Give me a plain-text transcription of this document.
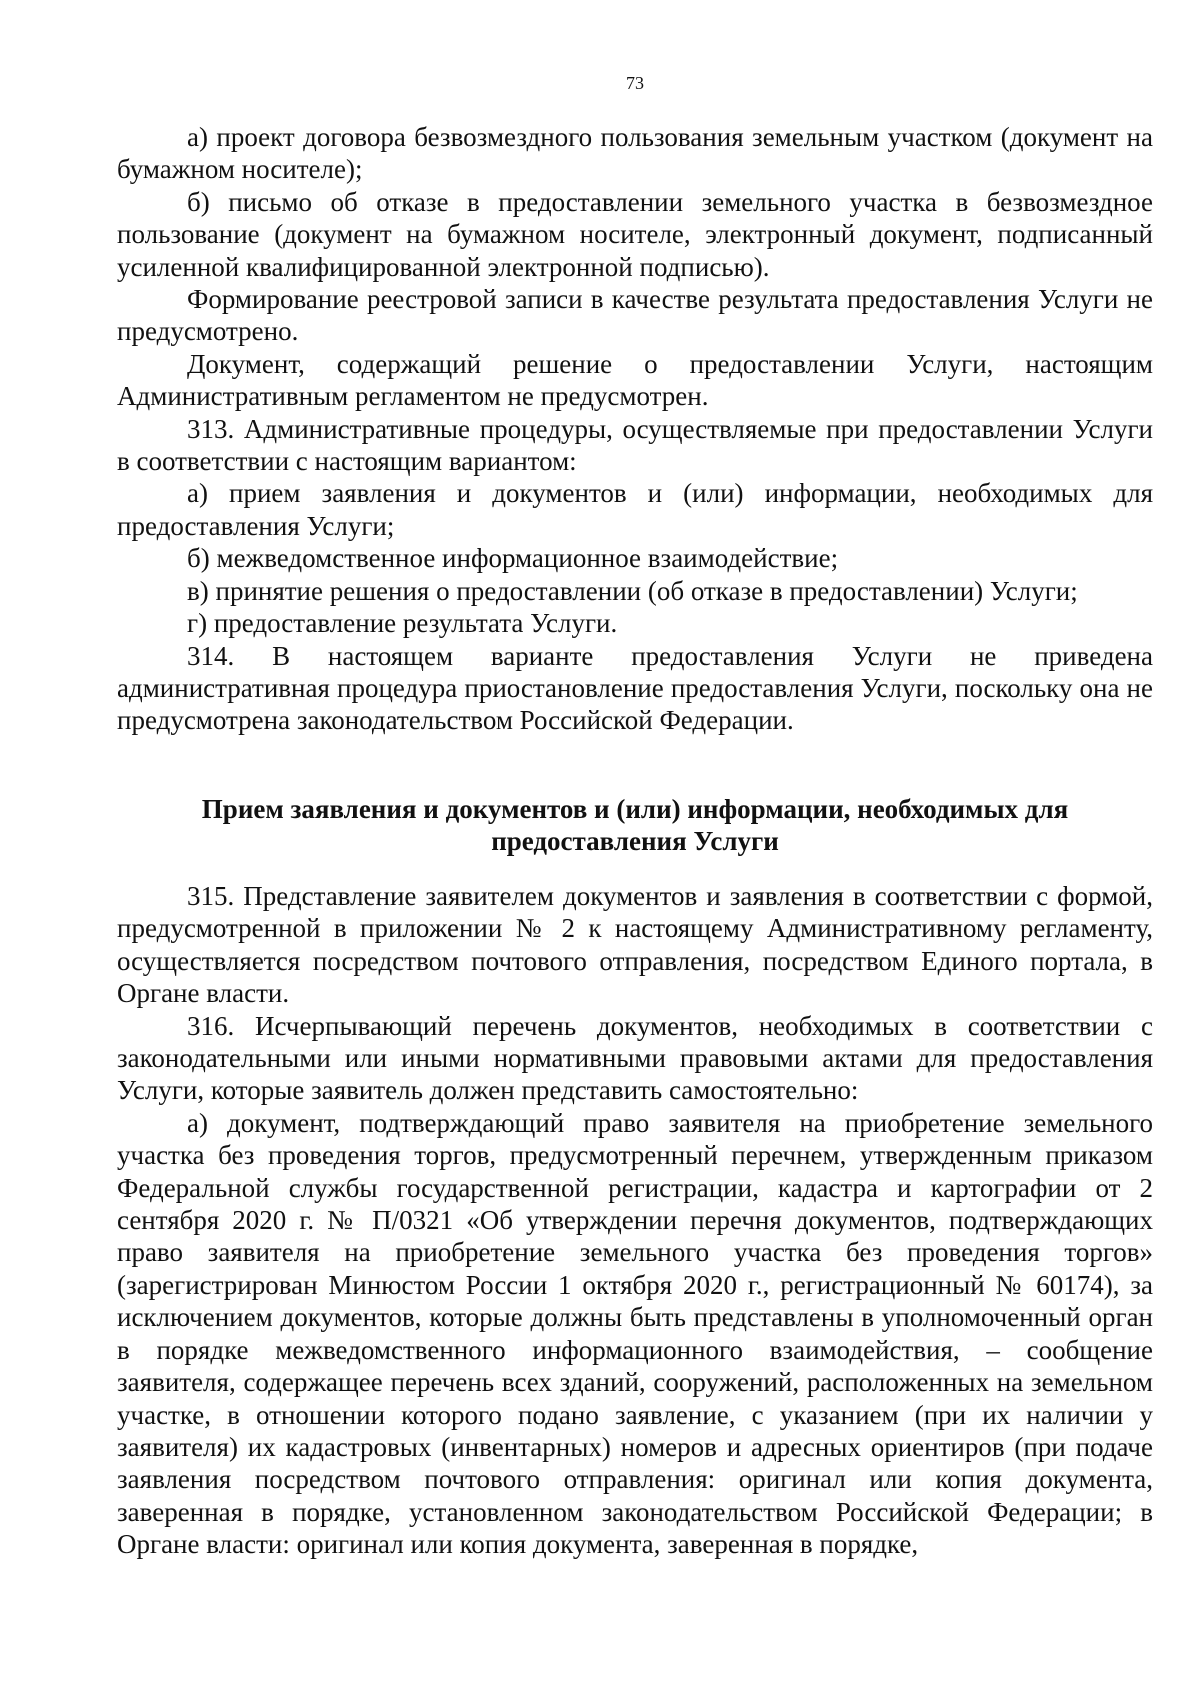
73

а) проект договора безвозмездного пользования земельным участком (документ на бумажном носителе);

б) письмо об отказе в предоставлении земельного участка в безвозмездное пользование (документ на бумажном носителе, электронный документ, подписанный усиленной квалифицированной электронной подписью).

Формирование реестровой записи в качестве результата предоставления Услуги не предусмотрено.

Документ, содержащий решение о предоставлении Услуги, настоящим Административным регламентом не предусмотрен.

313. Административные процедуры, осуществляемые при предоставлении Услуги в соответствии с настоящим вариантом:

а) прием заявления и документов и (или) информации, необходимых для предоставления Услуги;

б) межведомственное информационное взаимодействие;

в) принятие решения о предоставлении (об отказе в предоставлении) Услуги;

г) предоставление результата Услуги.

314. В настоящем варианте предоставления Услуги не приведена административная процедура приостановление предоставления Услуги, поскольку она не предусмотрена законодательством Российской Федерации.

Прием заявления и документов и (или) информации, необходимых для предоставления Услуги

315. Представление заявителем документов и заявления в соответствии с формой, предусмотренной в приложении № 2 к настоящему Административному регламенту, осуществляется посредством почтового отправления, посредством Единого портала, в Органе власти.

316. Исчерпывающий перечень документов, необходимых в соответствии с законодательными или иными нормативными правовыми актами для предоставления Услуги, которые заявитель должен представить самостоятельно:

а) документ, подтверждающий право заявителя на приобретение земельного участка без проведения торгов, предусмотренный перечнем, утвержденным приказом Федеральной службы государственной регистрации, кадастра и картографии от 2 сентября 2020 г. № П/0321 «Об утверждении перечня документов, подтверждающих право заявителя на приобретение земельного участка без проведения торгов» (зарегистрирован Минюстом России 1 октября 2020 г., регистрационный № 60174), за исключением документов, которые должны быть представлены в уполномоченный орган в порядке межведомственного информационного взаимодействия, – сообщение заявителя, содержащее перечень всех зданий, сооружений, расположенных на земельном участке, в отношении которого подано заявление, с указанием (при их наличии у заявителя) их кадастровых (инвентарных) номеров и адресных ориентиров (при подаче заявления посредством почтового отправления: оригинал или копия документа, заверенная в порядке, установленном законодательством Российской Федерации; в Органе власти: оригинал или копия документа, заверенная в порядке,
